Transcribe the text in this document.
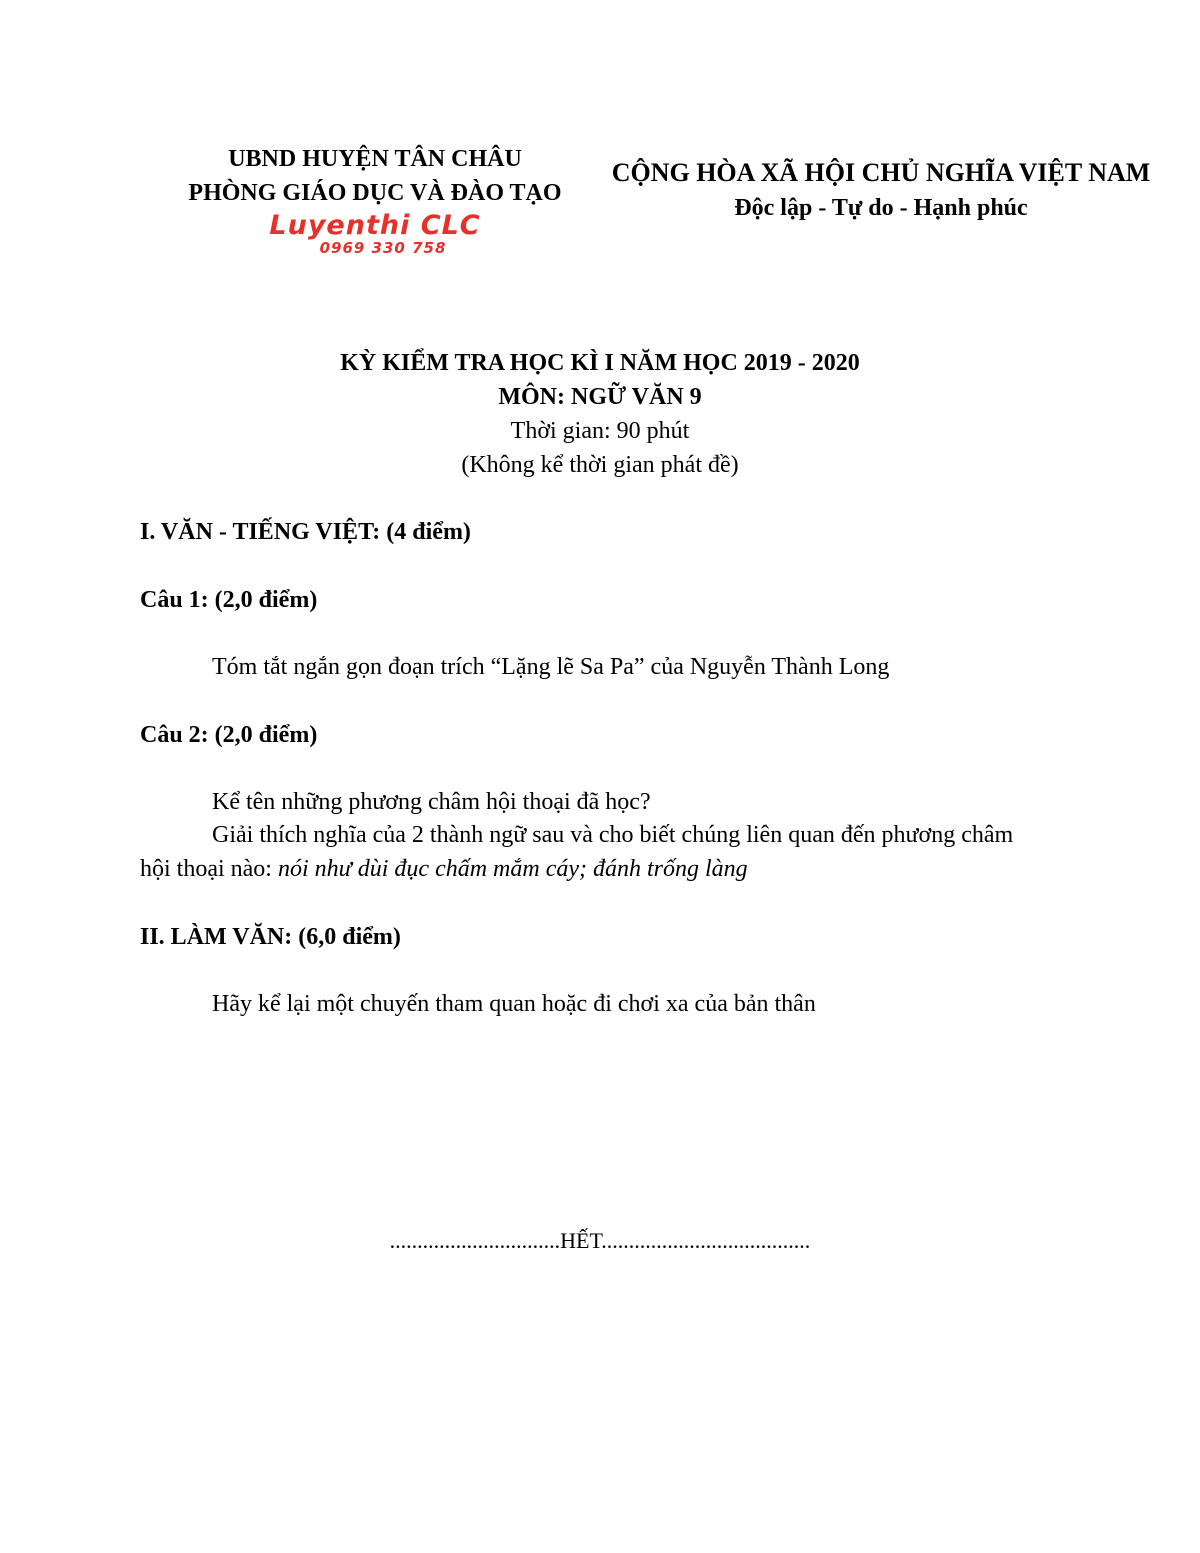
UBND HUYỆN TÂN CHÂU
PHÒNG GIÁO DỤC VÀ ĐÀO TẠO
Luyenthi CLC
0969 330 758
CỘNG HÒA XÃ HỘI CHỦ NGHĨA VIỆT NAM
Độc lập - Tự do - Hạnh phúc
KỲ KIỂM TRA HỌC KÌ I NĂM HỌC 2019 - 2020
MÔN: NGỮ VĂN 9
Thời gian: 90 phút
(Không kể thời gian phát đề)
I. VĂN - TIẾNG VIỆT: (4 điểm)
Câu 1: (2,0 điểm)
Tóm tắt ngắn gọn đoạn trích “Lặng lẽ Sa Pa” của Nguyễn Thành Long
Câu 2: (2,0 điểm)
Kể tên những phương châm hội thoại đã học?
Giải thích nghĩa của 2 thành ngữ sau và cho biết chúng liên quan đến phương châm
hội thoại nào: nói như dùi đục chấm mắm cáy; đánh trống làng
II. LÀM VĂN: (6,0 điểm)
Hãy kể lại một chuyến tham quan hoặc đi chơi xa của bản thân
...............................HẾT......................................
